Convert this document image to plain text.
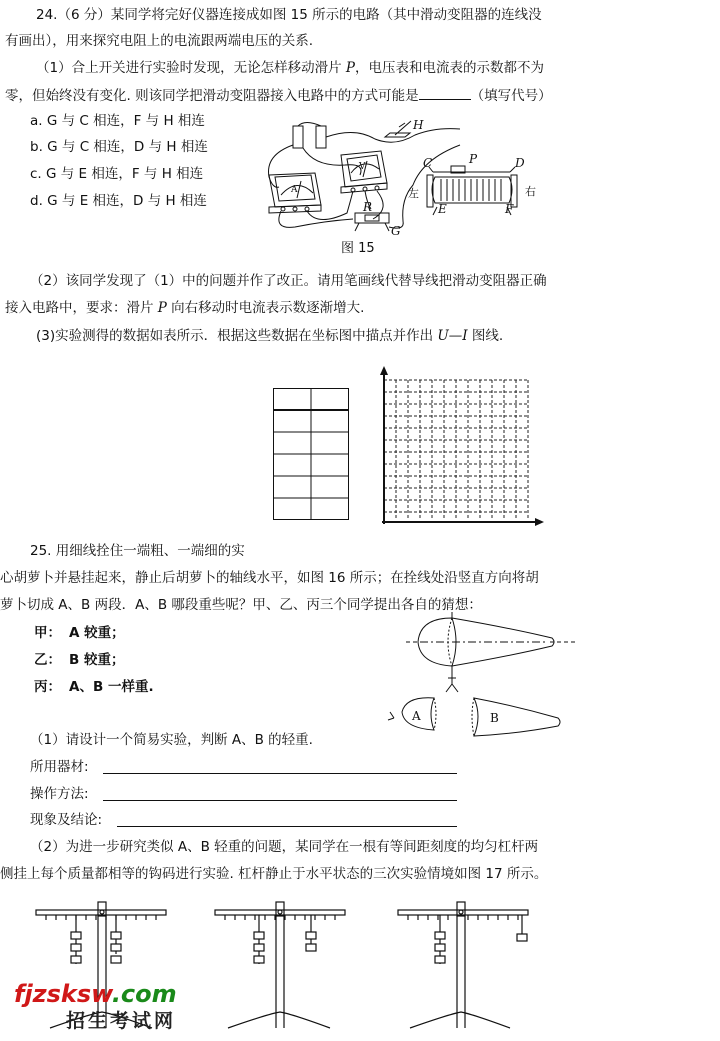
24.（6 分）某同学将完好仪器连接成如图 15 所示的电路（其中滑动变阻器的连线没
有画出），用来探究电阻上的电流跟两端电压的关系.
（1）合上开关进行实验时发现，无论怎样移动滑片 P，电压表和电流表的示数都不为
零，但始终没有变化. 则该同学把滑动变阻器接入电路中的方式可能是	（填写代号）
a. G 与 C 相连，F 与 H 相连
b. G 与 C 相连，D 与 H 相连
c. G 与 E 相连，F 与 H 相连
d. G 与 E 相连，D 与 H 相连
H
C	P	D
E	F
R
G
A
V
左	右
图 15
（2）该同学发现了（1）中的问题并作了改正。请用笔画线代替导线把滑动变阻器正确
接入电路中，要求：滑片 P 向右移动时电流表示数逐渐增大.
(3)实验测得的数据如表所示．根据这些数据在坐标图中描点并作出 U—I 图线.
25. 用细线拴住一端粗、一端细的实
心胡萝卜并悬挂起来，静止后胡萝卜的轴线水平，如图 16 所示；在拴线处沿竖直方向将胡
萝卜切成 A、B 两段．A、B 哪段重些呢？甲、乙、丙三个同学提出各自的猜想：
甲： A 较重；
乙： B 较重；
丙： A、B 一样重.
A	B
（1）请设计一个简易实验，判断 A、B 的轻重.
所用器材:
操作方法:
现象及结论:
（2）为进一步研究类似 A、B 轻重的问题，某同学在一根有等间距刻度的均匀杠杆两
侧挂上每个质量都相等的钩码进行实验. 杠杆静止于水平状态的三次实验情境如图 17 所示。
fjzsksw.com
招生考试网
